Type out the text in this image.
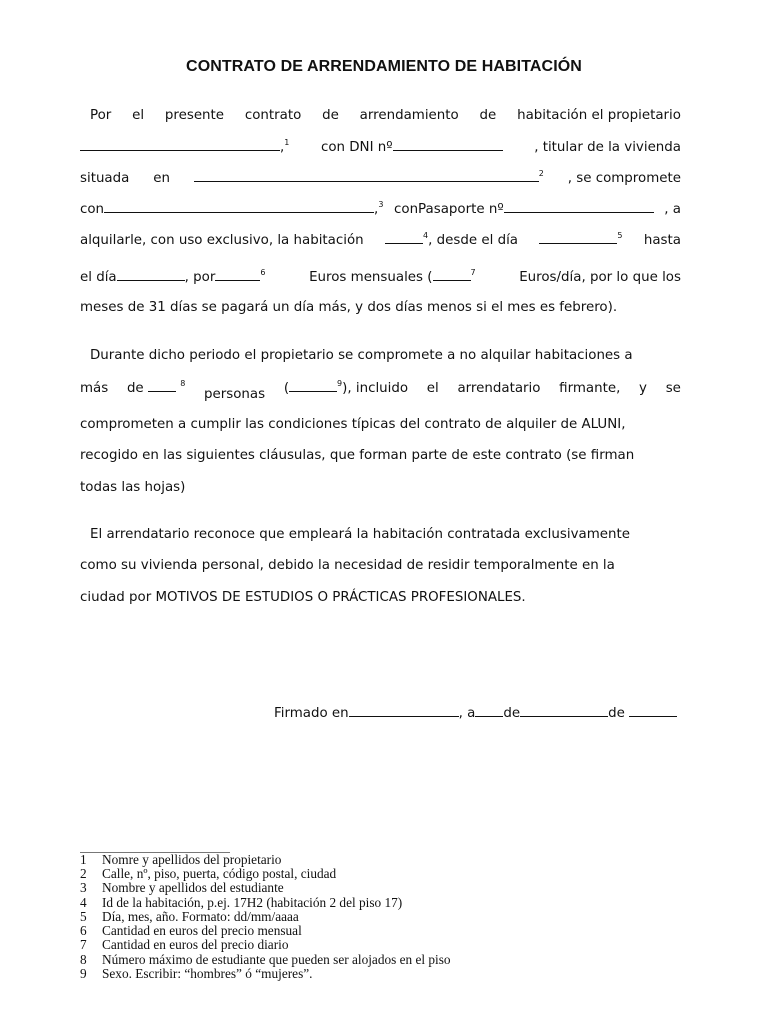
CONTRATO DE ARRENDAMIENTO DE HABITACIÓN
Por el presente contrato de arrendamiento de habitación el propietario
,$^1$ con DNI nº	, titular de la vivienda
situada en	$^2$ , se compromete
con	,$^3$ conPasaporte nº	, a
alquilarle, con uso exclusivo, la habitación	$^4$, desde el día	$^5$ hasta
el día	, por	$^6$	Euros mensuales (	$^7$	Euros/día, por lo que los
meses de 31 días se pagará un día más, y dos días menos si el mes es febrero).
Durante dicho periodo el propietario se compromete a no alquilar habitaciones a
más de	$^8$
personas (	$^9$), incluido el arrendatario firmante, y se
comprometen a cumplir las condiciones típicas del contrato de alquiler de ALUNI,
recogido en las siguientes cláusulas, que forman parte de este contrato (se firman
todas las hojas)
El arrendatario reconoce que empleará la habitación contratada exclusivamente
como su vivienda personal, debido la necesidad de residir temporalmente en la
ciudad por MOTIVOS DE ESTUDIOS O PRÁCTICAS PROFESIONALES.
Firmado en	, a de	de
1 Nomre y apellidos del propietario
2 Calle, nº, piso, puerta, código postal, ciudad
3 Nombre y apellidos del estudiante
4 Id de la habitación, p.ej. 17H2 (habitación 2 del piso 17)
5 Día, mes, año. Formato: dd/mm/aaaa
6 Cantidad en euros del precio mensual
7 Cantidad en euros del precio diario
8 Número máximo de estudiante que pueden ser alojados en el piso
9 Sexo. Escribir: “hombres” ó “mujeres”.
